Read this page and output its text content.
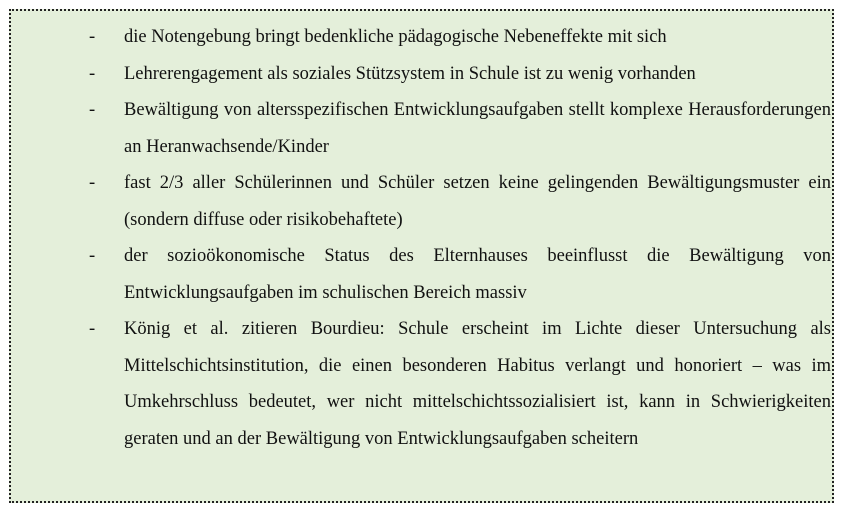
- die Notengebung bringt bedenkliche pädagogische Nebeneffekte mit sich
- Lehrerengagement als soziales Stützsystem in Schule ist zu wenig vorhanden
- Bewältigung von altersspezifischen Entwicklungsaufgaben stellt komplexe Herausforderungen an Heranwachsende/Kinder
- fast 2/3 aller Schülerinnen und Schüler setzen keine gelingenden Bewältigungsmuster ein (sondern diffuse oder risikobehaftete)
- der sozioökonomische Status des Elternhauses beeinflusst die Bewältigung von Entwicklungsaufgaben im schulischen Bereich massiv
- König et al. zitieren Bourdieu: Schule erscheint im Lichte dieser Untersuchung als Mittelschichtsinstitution, die einen besonderen Habitus verlangt und honoriert – was im Umkehrschluss bedeutet, wer nicht mittelschichtssozialisiert ist, kann in Schwierigkeiten geraten und an der Bewältigung von Entwicklungsaufgaben scheitern
